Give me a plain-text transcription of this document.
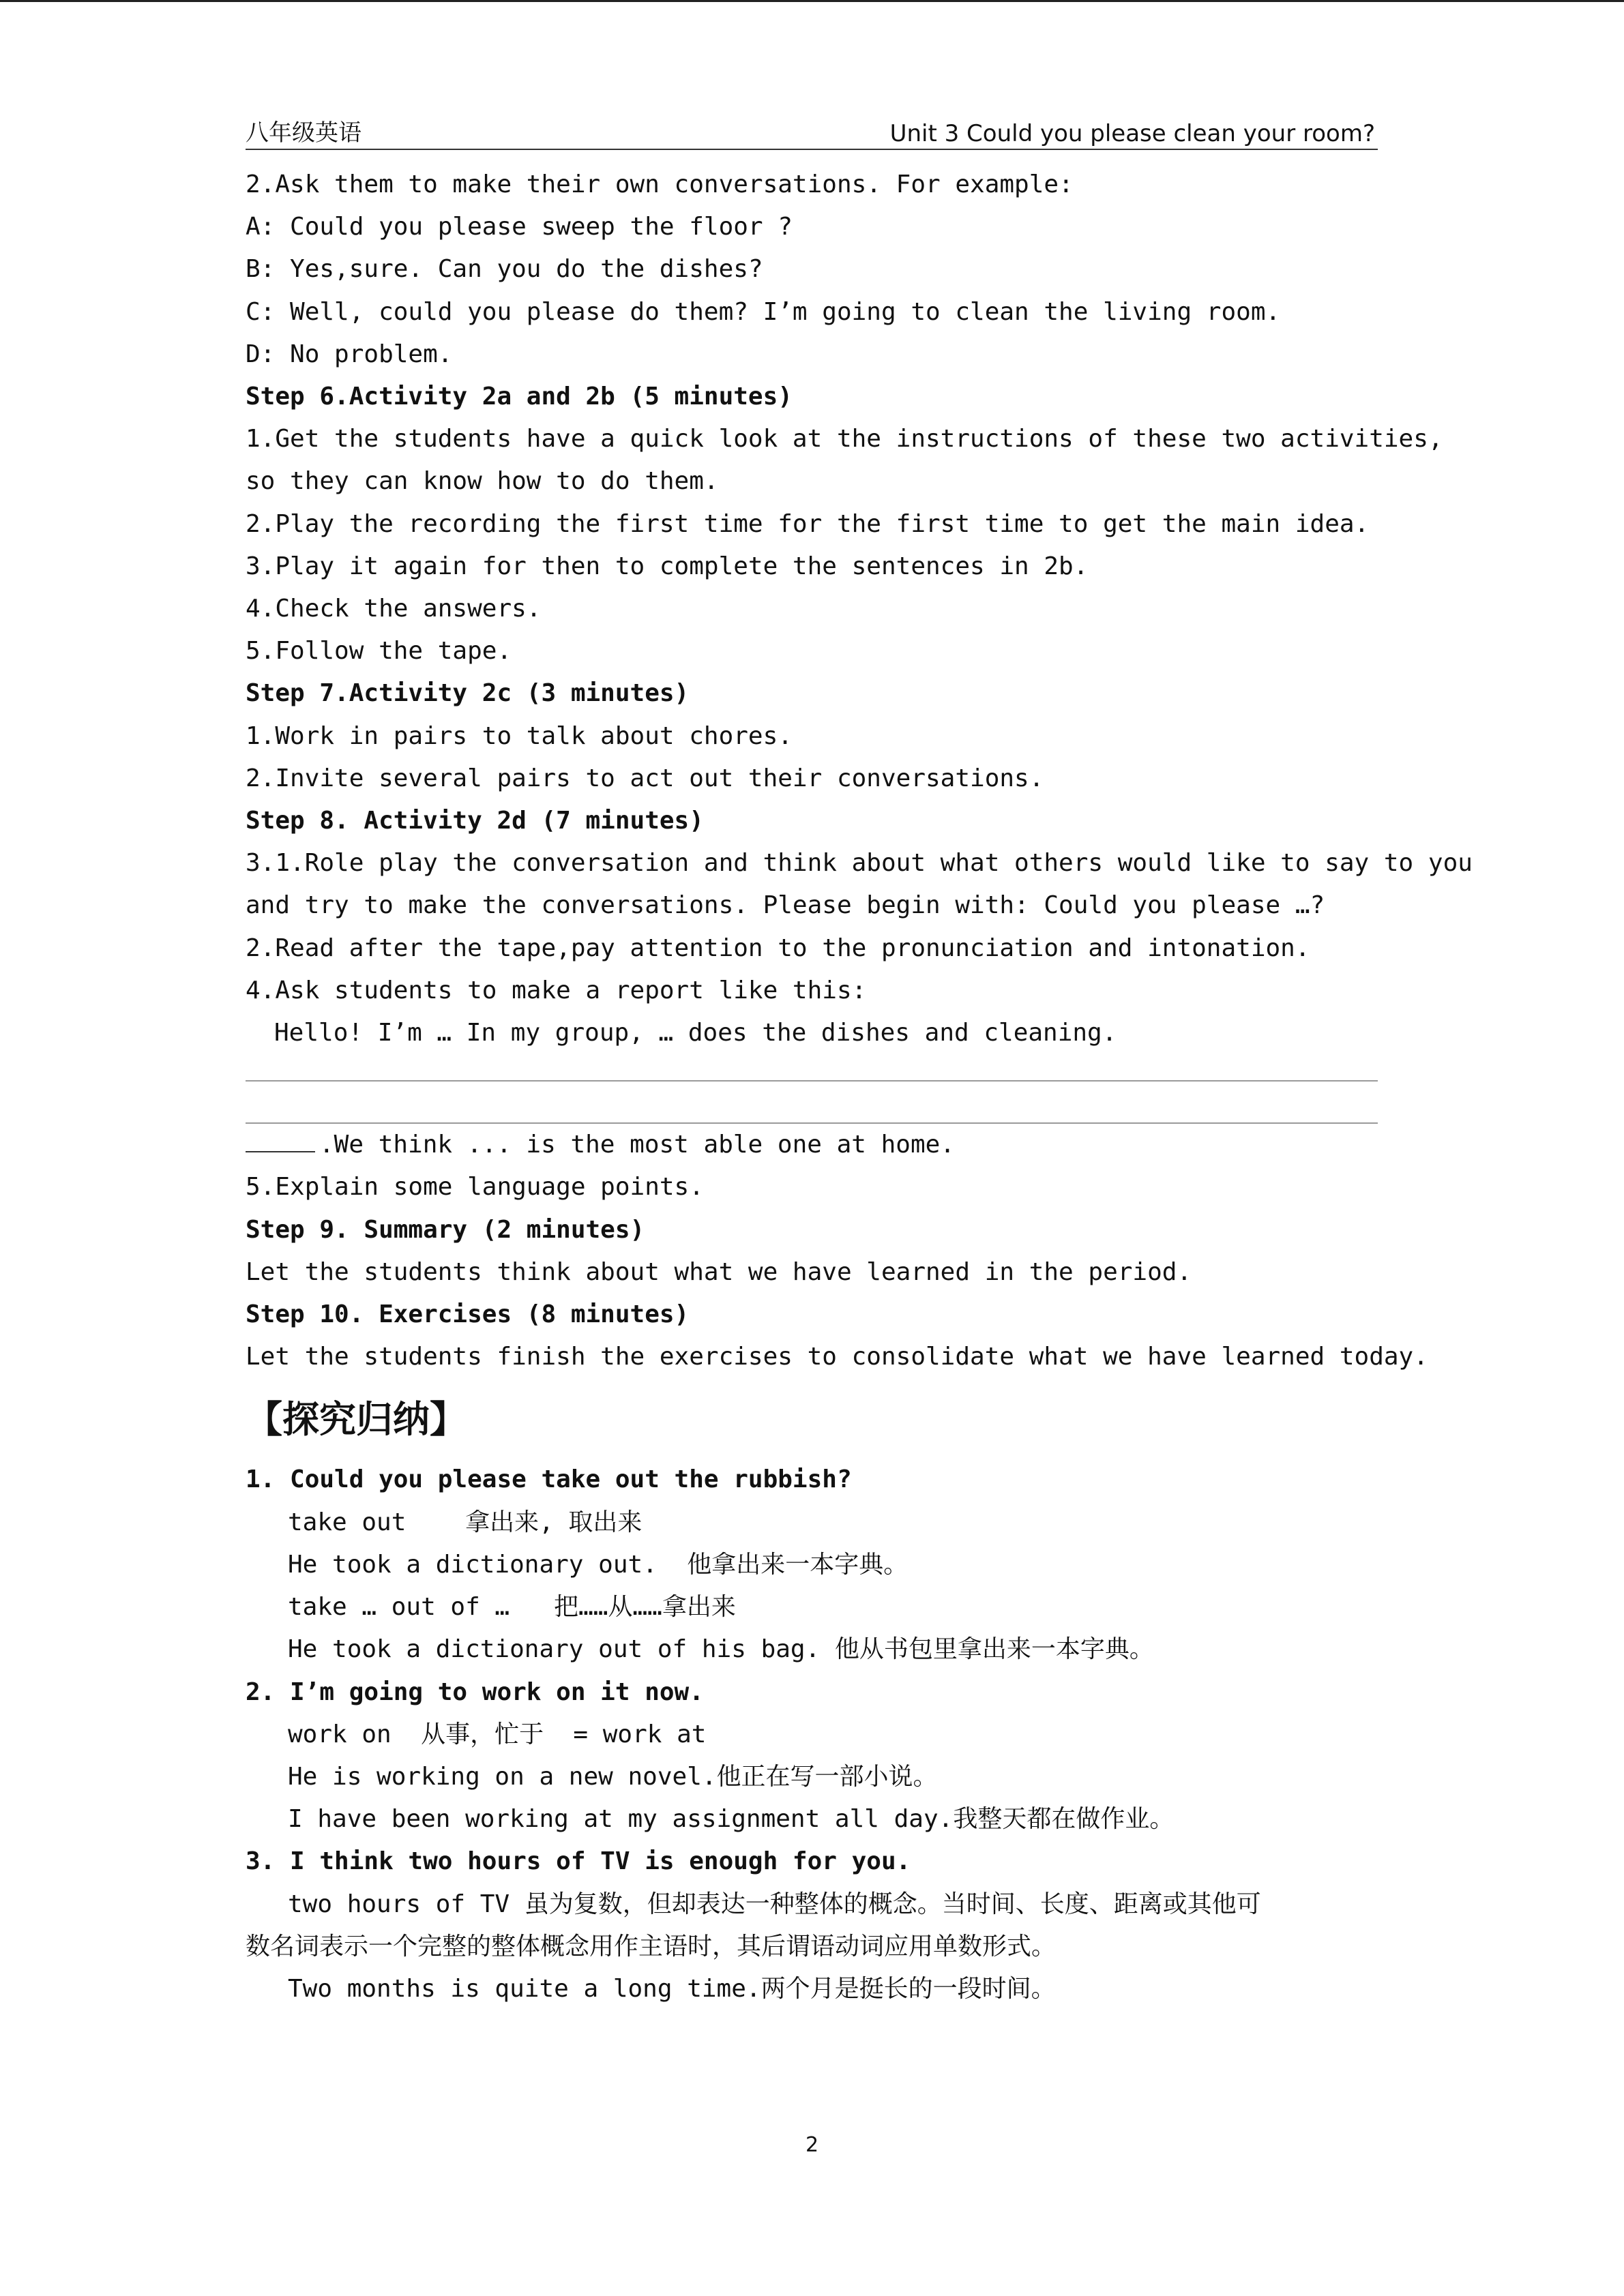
八年级英语	Unit 3 Could you please clean your room?
2.Ask them to make their own conversations. For example:
A: Could you please sweep the floor ?
B: Yes,sure. Can you do the dishes?
C: Well, could you please do them? I’m going to clean the living room.
D: No problem.
Step 6.Activity 2a and 2b (5 minutes)
1.Get the students have a quick look at the instructions of these two activities,
so they can know how to do them.
2.Play the recording the first time for the first time to get the main idea.
3.Play it again for then to complete the sentences in 2b.
4.Check the answers.
5.Follow the tape.
Step 7.Activity 2c (3 minutes)
1.Work in pairs to talk about chores.
2.Invite several pairs to act out their conversations.
Step 8. Activity 2d (7 minutes)
3.1.Role play the conversation and think about what others would like to say to you
and try to make the conversations. Please begin with: Could you please …?
2.Read after the tape,pay attention to the pronunciation and intonation.
4.Ask students to make a report like this:
Hello! I’m … In my group, … does the dishes and cleaning.
.We think ... is the most able one at home.
5.Explain some language points.
Step 9. Summary (2 minutes)
Let the students think about what we have learned in the period.
Step 10. Exercises (8 minutes)
Let the students finish the exercises to consolidate what we have learned today.
【探究归纳】
1. Could you please take out the rubbish?
take out    拿出来, 取出来
He took a dictionary out.  他拿出来一本字典。
take … out of …   把……从……拿出来
He took a dictionary out of his bag. 他从书包里拿出来一本字典。
2. I’m going to work on it now.
work on  从事，忙于  = work at
He is working on a new novel.他正在写一部小说。
I have been working at my assignment all day.我整天都在做作业。
3. I think two hours of TV is enough for you.
two hours of TV 虽为复数，但却表达一种整体的概念。当时间、长度、距离或其他可
数名词表示一个完整的整体概念用作主语时，其后谓语动词应用单数形式。
Two months is quite a long time.两个月是挺长的一段时间。
2
